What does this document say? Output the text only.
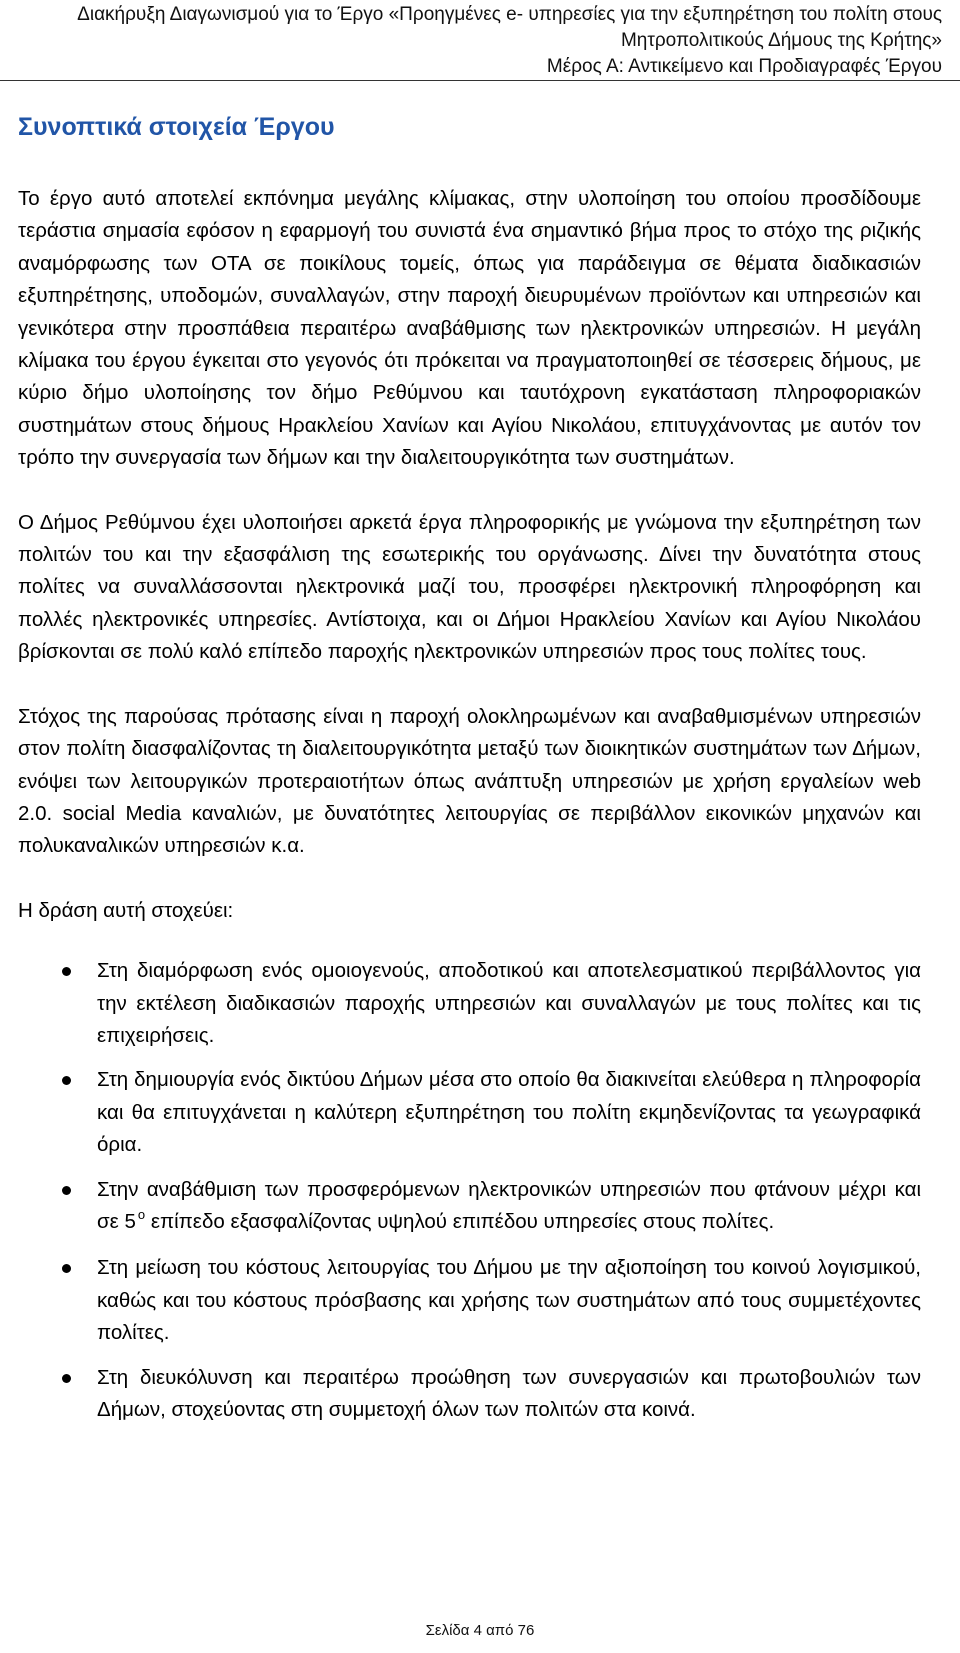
Διακήρυξη Διαγωνισμού για το Έργο «Προηγμένες e- υπηρεσίες για την εξυπηρέτηση του πολίτη στους
Μητροπολιτικούς Δήμους της Κρήτης»
Μέρος Α: Αντικείμενο και Προδιαγραφές Έργου
Συνοπτικά στοιχεία Έργου

Το έργο αυτό αποτελεί εκπόνημα μεγάλης κλίμακας, στην υλοποίηση του οποίου προσδίδουμε τεράστια σημασία εφόσον η εφαρμογή του συνιστά ένα σημαντικό βήμα προς το στόχο της ριζικής αναμόρφωσης των ΟΤΑ σε ποικίλους τομείς, όπως για παράδειγμα σε θέματα διαδικασιών εξυπηρέτησης, υποδομών, συναλλαγών, στην παροχή διευρυμένων προϊόντων και υπηρεσιών και γενικότερα στην προσπάθεια περαιτέρω αναβάθμισης των ηλεκτρονικών υπηρεσιών. Η μεγάλη κλίμακα του έργου έγκειται στο γεγονός ότι πρόκειται να πραγματοποιηθεί σε τέσσερεις δήμους, με κύριο δήμο υλοποίησης τον δήμο Ρεθύμνου και ταυτόχρονη εγκατάσταση πληροφοριακών συστημάτων στους δήμους Ηρακλείου Χανίων και Αγίου Νικολάου, επιτυγχάνοντας με αυτόν τον τρόπο την συνεργασία των δήμων και την διαλειτουργικότητα των συστημάτων.

Ο Δήμος Ρεθύμνου έχει υλοποιήσει αρκετά έργα πληροφορικής με γνώμονα την εξυπηρέτηση των πολιτών του και την εξασφάλιση της εσωτερικής του οργάνωσης. Δίνει την δυνατότητα στους πολίτες να συναλλάσσονται ηλεκτρονικά μαζί του, προσφέρει ηλεκτρονική πληροφόρηση και πολλές ηλεκτρονικές υπηρεσίες. Αντίστοιχα, και οι Δήμοι Ηρακλείου Χανίων και Αγίου Νικολάου βρίσκονται σε πολύ καλό επίπεδο παροχής ηλεκτρονικών υπηρεσιών προς τους πολίτες τους.

Στόχος της παρούσας πρότασης είναι η παροχή ολοκληρωμένων και αναβαθμισμένων υπηρεσιών στον πολίτη διασφαλίζοντας τη διαλειτουργικότητα μεταξύ των διοικητικών συστημάτων των Δήμων, ενόψει των λειτουργικών προτεραιοτήτων όπως ανάπτυξη υπηρεσιών με χρήση εργαλείων web 2.0. social Media καναλιών, με δυνατότητες λειτουργίας σε περιβάλλον εικονικών μηχανών και πολυκαναλικών υπηρεσιών κ.α.

Η δράση αυτή στοχεύει:

Στη διαμόρφωση ενός ομοιογενούς, αποδοτικού και αποτελεσματικού περιβάλλοντος για την εκτέλεση διαδικασιών παροχής υπηρεσιών και συναλλαγών με τους πολίτες και τις επιχειρήσεις.
Στη δημιουργία ενός δικτύου Δήμων μέσα στο οποίο θα διακινείται ελεύθερα η πληροφορία και θα επιτυγχάνεται η καλύτερη εξυπηρέτηση του πολίτη εκμηδενίζοντας τα γεωγραφικά όρια.
Στην αναβάθμιση των προσφερόμενων ηλεκτρονικών υπηρεσιών που φτάνουν μέχρι και σε 5 $^o$ επίπεδο εξασφαλίζοντας υψηλού επιπέδου υπηρεσίες στους πολίτες.
Στη μείωση του κόστους λειτουργίας του Δήμου με την αξιοποίηση του κοινού λογισμικού, καθώς και του κόστους πρόσβασης και χρήσης των συστημάτων από τους συμμετέχοντες πολίτες.
Στη διευκόλυνση και περαιτέρω προώθηση των συνεργασιών και πρωτοβουλιών των Δήμων, στοχεύοντας στη συμμετοχή όλων των πολιτών στα κοινά.
Σελίδα 4 από 76
